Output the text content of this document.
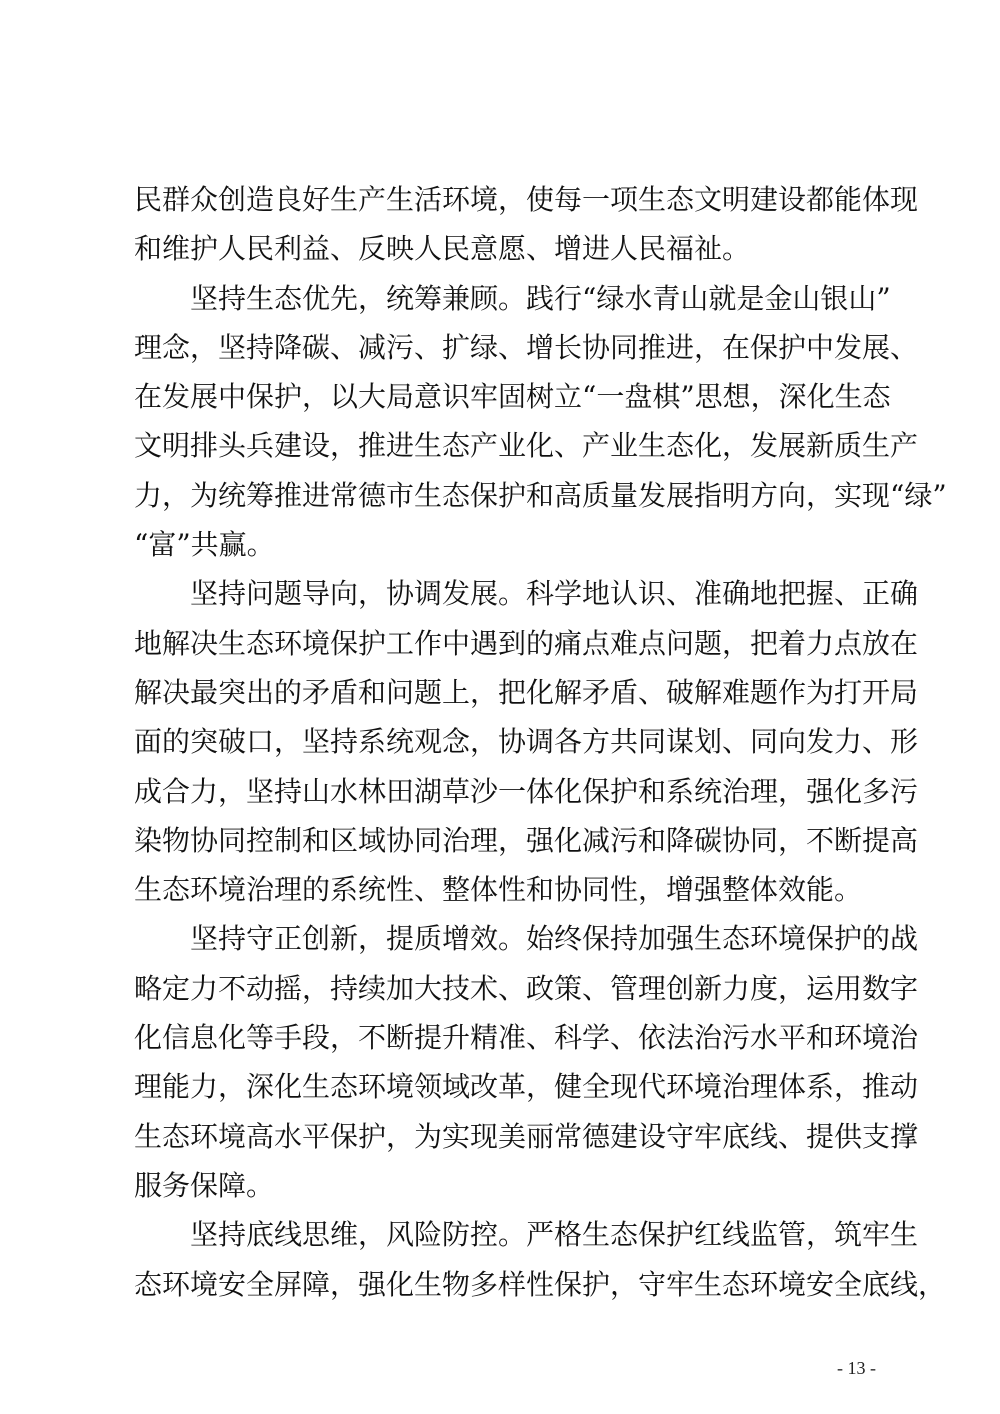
民群众创造良好生产生活环境，使每一项生态文明建设都能体现
和维护人民利益、反映人民意愿、增进人民福祉。
坚持生态优先，统筹兼顾。践行“绿水青山就是金山银山”
理念，坚持降碳、减污、扩绿、增长协同推进，在保护中发展、
在发展中保护，以大局意识牢固树立“一盘棋”思想，深化生态
文明排头兵建设，推进生态产业化、产业生态化，发展新质生产
力，为统筹推进常德市生态保护和高质量发展指明方向，实现“绿”
“富”共赢。
坚持问题导向，协调发展。科学地认识、准确地把握、正确
地解决生态环境保护工作中遇到的痛点难点问题，把着力点放在
解决最突出的矛盾和问题上，把化解矛盾、破解难题作为打开局
面的突破口，坚持系统观念，协调各方共同谋划、同向发力、形
成合力，坚持山水林田湖草沙一体化保护和系统治理，强化多污
染物协同控制和区域协同治理，强化减污和降碳协同，不断提高
生态环境治理的系统性、整体性和协同性，增强整体效能。
坚持守正创新，提质增效。始终保持加强生态环境保护的战
略定力不动摇，持续加大技术、政策、管理创新力度，运用数字
化信息化等手段，不断提升精准、科学、依法治污水平和环境治
理能力，深化生态环境领域改革，健全现代环境治理体系，推动
生态环境高水平保护，为实现美丽常德建设守牢底线、提供支撑
服务保障。
坚持底线思维，风险防控。严格生态保护红线监管，筑牢生
态环境安全屏障，强化生物多样性保护，守牢生态环境安全底线，
- 13 -
